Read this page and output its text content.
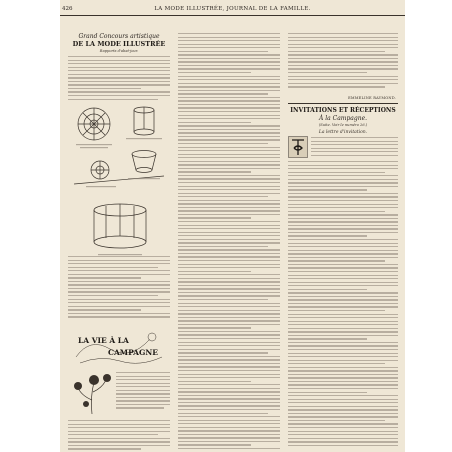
426	LA MODE ILLUSTRÉE, JOURNAL DE LA FAMILLE.
Grand Concours artistique
DE LA MODE ILLUSTRÉE
Rapports d'abat-jour.
LA VIE À LA
CAMPAGNE
EMMELINE RAYMOND.
INVITATIONS ET RÉCEPTIONS
À la Campagne.
(Suite. Voir le numéro 26.)
La lettre d'invitation.
